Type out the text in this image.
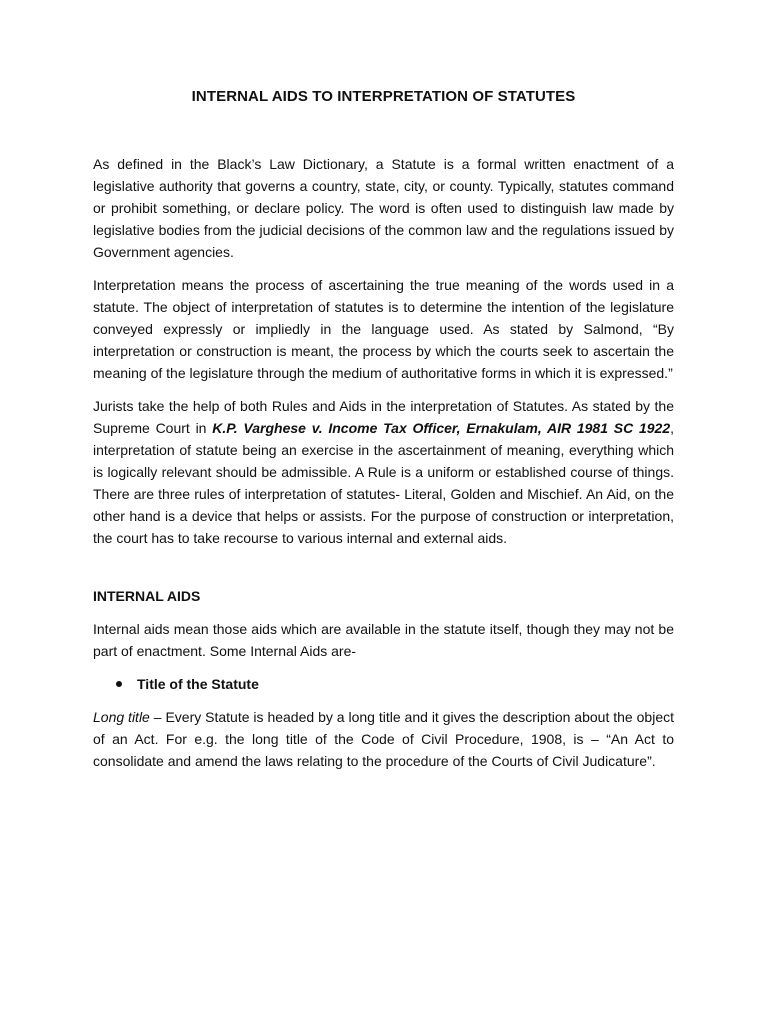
INTERNAL AIDS TO INTERPRETATION OF STATUTES

As defined in the Black’s Law Dictionary, a Statute is a formal written enactment of a legislative authority that governs a country, state, city, or county. Typically, statutes command or prohibit something, or declare policy. The word is often used to distinguish law made by legislative bodies from the judicial decisions of the common law and the regulations issued by Government agencies.

Interpretation means the process of ascertaining the true meaning of the words used in a statute. The object of interpretation of statutes is to determine the intention of the legislature conveyed expressly or impliedly in the language used. As stated by Salmond, “By interpretation or construction is meant, the process by which the courts seek to ascertain the meaning of the legislature through the medium of authoritative forms in which it is expressed.”

Jurists take the help of both Rules and Aids in the interpretation of Statutes. As stated by the Supreme Court in K.P. Varghese v. Income Tax Officer, Ernakulam, AIR 1981 SC 1922, interpretation of statute being an exercise in the ascertainment of meaning, everything which is logically relevant should be admissible. A Rule is a uniform or established course of things. There are three rules of interpretation of statutes- Literal, Golden and Mischief. An Aid, on the other hand is a device that helps or assists. For the purpose of construction or interpretation, the court has to take recourse to various internal and external aids.

INTERNAL AIDS

Internal aids mean those aids which are available in the statute itself, though they may not be part of enactment. Some Internal Aids are-

Title of the Statute

Long title – Every Statute is headed by a long title and it gives the description about the object of an Act. For e.g. the long title of the Code of Civil Procedure, 1908, is – “An Act to consolidate and amend the laws relating to the procedure of the Courts of Civil Judicature”.
